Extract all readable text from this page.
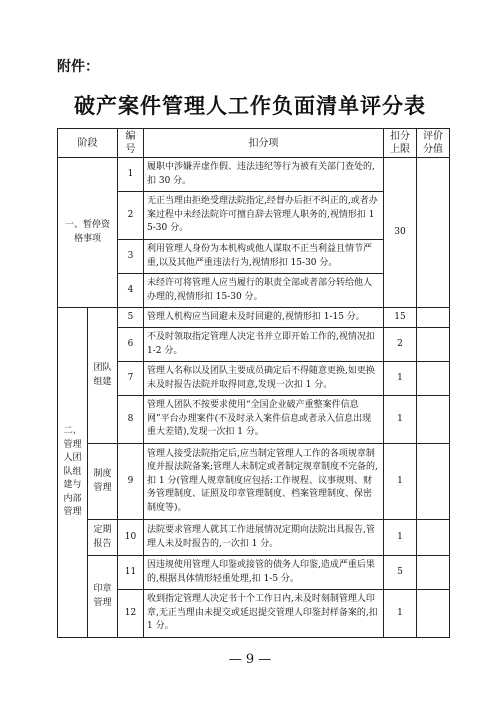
附件：
破产案件管理人工作负面清单评分表
阶段		编号	扣分项	扣分上限	评价分值
一、暂停资格事项		1	履职中涉嫌弄虚作假、违法违纪等行为被有关部门查处的,扣 30 分。	30	
		2	无正当理由拒绝受理法院指定,经督办后拒不纠正的,或者办案过程中未经法院许可擅自辞去管理人职务的,视情形扣 15-30 分。		
		3	利用管理人身份为本机构或他人谋取不正当利益且情节严重,以及其他严重违法行为,视情形扣 15-30 分。		
		4	未经许可将管理人应当履行的职责全部或者部分转给他人办理的,视情形扣 15-30 分。		
二、管理人团队组建与内部管理	团队组建	5	管理人机构应当回避未及时回避的,视情形扣 1-15 分。	15	
		6	不及时领取指定管理人决定书并立即开始工作的,视情况扣 1-2 分。	2	
		7	管理人名称以及团队主要成员确定后不得随意更换,如更换未及时报告法院并取得同意,发现一次扣 1 分。	1	
		8	管理人团队不按要求使用“全国企业破产重整案件信息网”平台办理案件(不及时录入案件信息或者录入信息出现重大差错),发现一次扣 1 分。	1	
	制度管理	9	管理人接受法院指定后,应当制定管理人工作的各项规章制度并报法院备案;管理人未制定或者制定规章制度不完备的,扣 1 分(管理人规章制度应包括:工作规程、议事规则、财务管理制度、证照及印章管理制度、档案管理制度、保密制度等)。	1	
	定期报告	10	法院要求管理人就其工作进展情况定期向法院出具报告,管理人未及时报告的,一次扣 1 分。	1	
	印章管理	11	因违规使用管理人印鉴或接管的债务人印鉴,造成严重后果的,根据具体情形轻重处理,扣 1-5 分。	5	
		12	收到指定管理人决定书十个工作日内,未及时刻制管理人印章,无正当理由未提交或延迟提交管理人印鉴封样备案的,扣 1 分。	1	
— 9 —
